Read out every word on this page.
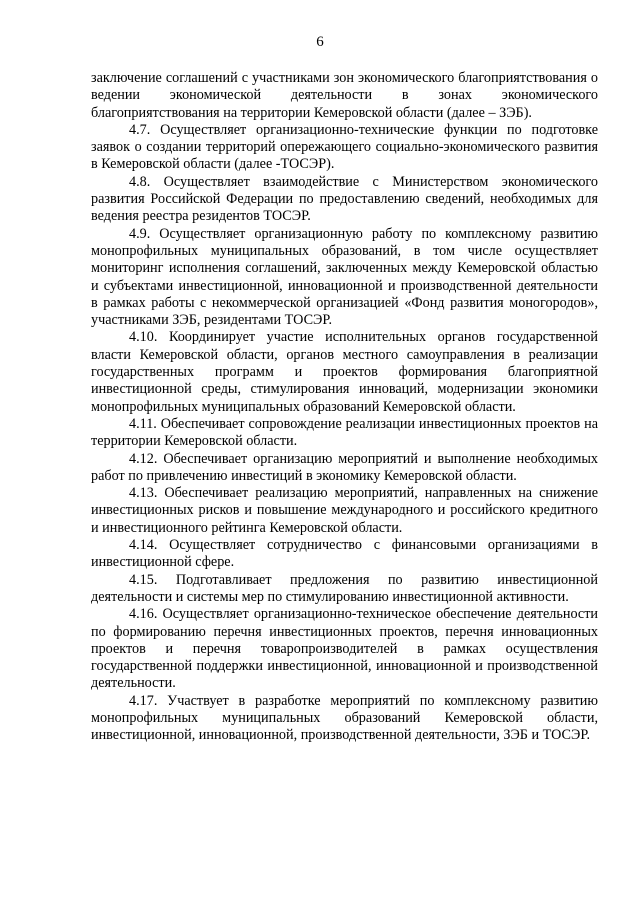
6

заключение соглашений с участниками зон экономического благоприятствования о ведении экономической деятельности в зонах экономического благоприятствования на территории Кемеровской области (далее – ЗЭБ).

4.7. Осуществляет организационно-технические функции по подготовке заявок о создании территорий опережающего социально-экономического развития в Кемеровской области (далее -ТОСЭР).

4.8. Осуществляет взаимодействие с Министерством экономического развития Российской Федерации по предоставлению сведений, необходимых для ведения реестра резидентов ТОСЭР.

4.9. Осуществляет организационную работу по комплексному развитию монопрофильных муниципальных образований, в том числе осуществляет мониторинг исполнения соглашений, заключенных между Кемеровской областью и субъектами инвестиционной, инновационной и производственной деятельности в рамках работы с некоммерческой организацией «Фонд развития моногородов», участниками ЗЭБ, резидентами ТОСЭР.

4.10. Координирует участие исполнительных органов государственной власти Кемеровской области, органов местного самоуправления в реализации государственных программ и проектов формирования благоприятной инвестиционной среды, стимулирования инноваций, модернизации экономики монопрофильных муниципальных образований Кемеровской области.

4.11. Обеспечивает сопровождение реализации инвестиционных проектов на территории Кемеровской области.

4.12. Обеспечивает организацию мероприятий и выполнение необходимых работ по привлечению инвестиций в экономику Кемеровской области.

4.13. Обеспечивает реализацию мероприятий, направленных на снижение инвестиционных рисков и повышение международного и российского кредитного и инвестиционного рейтинга Кемеровской области.

4.14. Осуществляет сотрудничество с финансовыми организациями в инвестиционной сфере.

4.15. Подготавливает предложения по развитию инвестиционной деятельности и системы мер по стимулированию инвестиционной активности.

4.16. Осуществляет организационно-техническое обеспечение деятельности по формированию перечня инвестиционных проектов, перечня инновационных проектов и перечня товаропроизводителей в рамках осуществления государственной поддержки инвестиционной, инновационной и производственной деятельности.

4.17. Участвует в разработке мероприятий по комплексному развитию монопрофильных муниципальных образований Кемеровской области, инвестиционной, инновационной, производственной деятельности, ЗЭБ и ТОСЭР.
